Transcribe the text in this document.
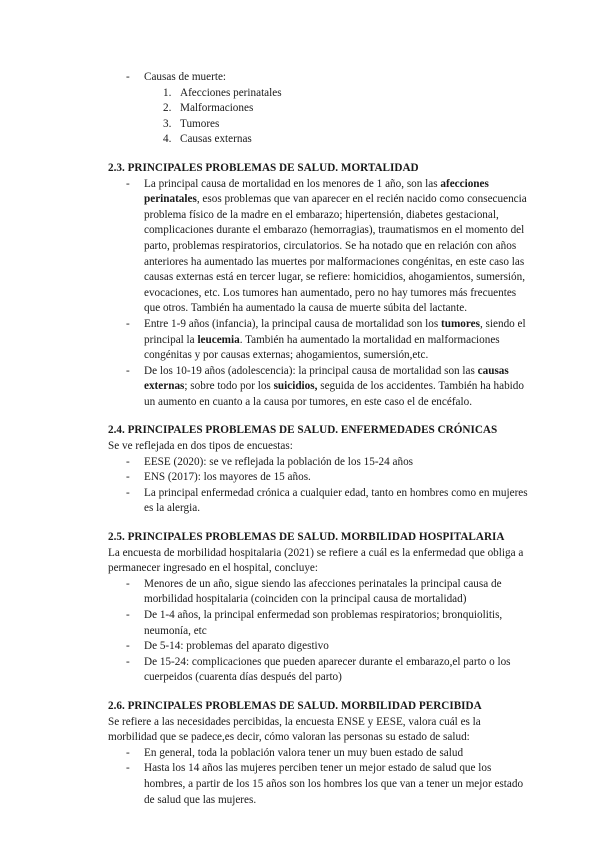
- Causas de muerte:
1. Afecciones perinatales
2. Malformaciones
3. Tumores
4. Causas externas

2.3. PRINCIPALES PROBLEMAS DE SALUD. MORTALIDAD

- La principal causa de mortalidad en los menores de 1 año, son las afecciones perinatales, esos problemas que van aparecer en el recién nacido como consecuencia problema físico de la madre en el embarazo; hipertensión, diabetes gestacional, complicaciones durante el embarazo (hemorragias), traumatismos en el momento del parto, problemas respiratorios, circulatorios. Se ha notado que en relación con años anteriores ha aumentado las muertes por malformaciones congénitas, en este caso las causas externas está en tercer lugar, se refiere: homicidios, ahogamientos, sumersión, evocaciones, etc. Los tumores han aumentado, pero no hay tumores más frecuentes que otros. También ha aumentado la causa de muerte súbita del lactante.
- Entre 1-9 años (infancia), la principal causa de mortalidad son los tumores, siendo el principal la leucemia. También ha aumentado la mortalidad en malformaciones congénitas y por causas externas; ahogamientos, sumersión,etc.
- De los 10-19 años (adolescencia): la principal causa de mortalidad son las causas externas; sobre todo por los suicidios, seguida de los accidentes. También ha habido un aumento en cuanto a la causa por tumores, en este caso el de encéfalo.

2.4. PRINCIPALES PROBLEMAS DE SALUD. ENFERMEDADES CRÓNICAS

Se ve reflejada en dos tipos de encuestas:

- EESE (2020): se ve reflejada la población de los 15-24 años
- ENS (2017): los mayores de 15 años.
- La principal enfermedad crónica a cualquier edad, tanto en hombres como en mujeres es la alergia.

2.5. PRINCIPALES PROBLEMAS DE SALUD. MORBILIDAD HOSPITALARIA

La encuesta de morbilidad hospitalaria (2021) se refiere a cuál es la enfermedad que obliga a permanecer ingresado en el hospital, concluye:

- Menores de un año, sigue siendo las afecciones perinatales la principal causa de morbilidad hospitalaria (coinciden con la principal causa de mortalidad)
- De 1-4 años, la principal enfermedad son problemas respiratorios; bronquiolitis, neumonía, etc
- De 5-14: problemas del aparato digestivo
- De 15-24: complicaciones que pueden aparecer durante el embarazo,el parto o los cuerpeidos (cuarenta días después del parto)

2.6. PRINCIPALES PROBLEMAS DE SALUD. MORBILIDAD PERCIBIDA

Se refiere a las necesidades percibidas, la encuesta ENSE y EESE, valora cuál es la morbilidad que se padece,es decir, cómo valoran las personas su estado de salud:

- En general, toda la población valora tener un muy buen estado de salud
- Hasta los 14 años las mujeres perciben tener un mejor estado de salud que los hombres, a partir de los 15 años son los hombres los que van a tener un mejor estado de salud que las mujeres.
